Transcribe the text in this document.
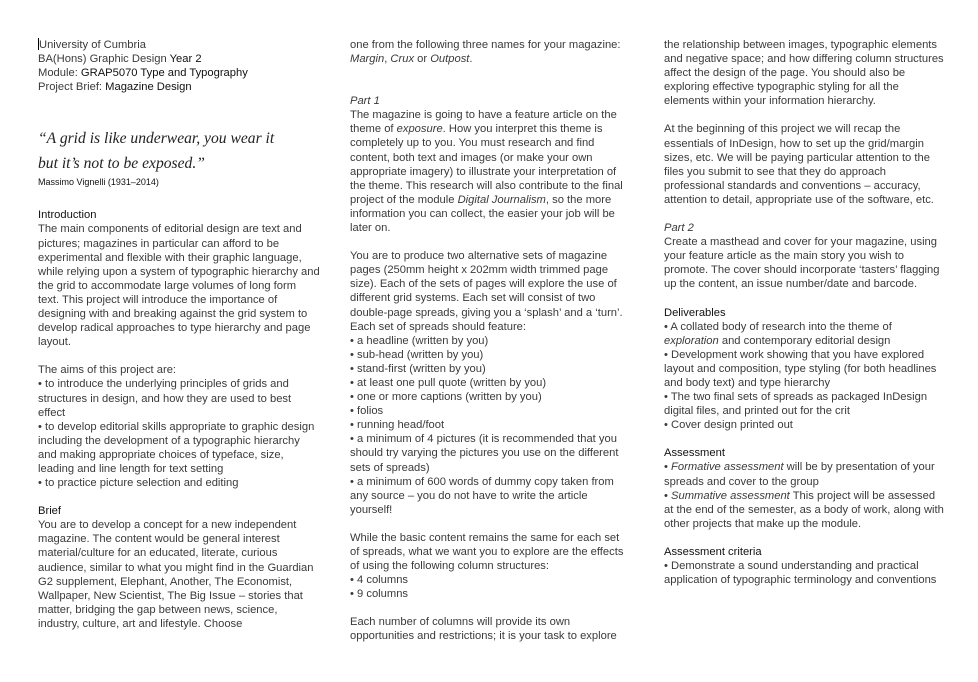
University of Cumbria

BA(Hons) Graphic Design Year 2

Module: GRAP5070 Type and Typography

Project Brief: Magazine Design

“A grid is like underwear, you wear it

but it’s not to be exposed.”

Massimo Vignelli (1931–2014)

Introduction

The main components of editorial design are text and pictures; magazines in particular can afford to be experimental and flexible with their graphic language, while relying upon a system of typographic hierarchy and the grid to accommodate large volumes of long form text. This project will introduce the importance of designing with and breaking against the grid system to develop radical approaches to type hierarchy and page layout.

The aims of this project are:

• to introduce the underlying principles of grids and structures in design, and how they are used to best effect
• to develop editorial skills appropriate to graphic design including the development of a typographic hierarchy and making appropriate choices of typeface, size, leading and line length for text setting
• to practice picture selection and editing

Brief

You are to develop a concept for a new independent magazine. The content would be general interest material/culture for an educated, literate, curious audience, similar to what you might find in the Guardian G2 supplement, Elephant, Another, The Economist, Wallpaper, New Scientist, The Big Issue – stories that matter, bridging the gap between news, science, industry, culture, art and lifestyle. Choose

one from the following three names for your magazine:
Margin, Crux or Outpost.

Part 1

The magazine is going to have a feature article on the theme of exposure. How you interpret this theme is completely up to you. You must research and find content, both text and images (or make your own appropriate imagery) to illustrate your interpretation of the theme. This research will also contribute to the final project of the module Digital Journalism, so the more information you can collect, the easier your job will be later on.

You are to produce two alternative sets of magazine pages (250mm height x 202mm width trimmed page size). Each of the sets of pages will explore the use of different grid systems. Each set will consist of two double-page spreads, giving you a ‘splash’ and a ‘turn’. Each set of spreads should feature:

• a headline (written by you)
• sub-head (written by you)
• stand-first (written by you)
• at least one pull quote (written by you)
• one or more captions (written by you)
• folios
• running head/foot
• a minimum of 4 pictures (it is recommended that you should try varying the pictures you use on the different sets of spreads)
• a minimum of 600 words of dummy copy taken from any source – you do not have to write the article yourself!

While the basic content remains the same for each set of spreads, what we want you to explore are the effects of using the following column structures:

• 4 columns
• 9 columns

Each number of columns will provide its own opportunities and restrictions; it is your task to explore

the relationship between images, typographic elements and negative space; and how differing column structures affect the design of the page. You should also be exploring effective typographic styling for all the elements within your information hierarchy.

At the beginning of this project we will recap the essentials of InDesign, how to set up the grid/margin sizes, etc. We will be paying particular attention to the files you submit to see that they do approach professional standards and conventions – accuracy, attention to detail, appropriate use of the software, etc.

Part 2

Create a masthead and cover for your magazine, using your feature article as the main story you wish to promote. The cover should incorporate ‘tasters’ flagging up the content, an issue number/date and barcode.

Deliverables

• A collated body of research into the theme of exploration and contemporary editorial design
• Development work showing that you have explored layout and composition, type styling (for both headlines and body text) and type hierarchy
• The two final sets of spreads as packaged InDesign digital files, and printed out for the crit
• Cover design printed out

Assessment

• Formative assessment will be by presentation of your spreads and cover to the group

• Summative assessment This project will be assessed at the end of the semester, as a body of work, along with other projects that make up the module.

Assessment criteria

• Demonstrate a sound understanding and practical application of typographic terminology and conventions
